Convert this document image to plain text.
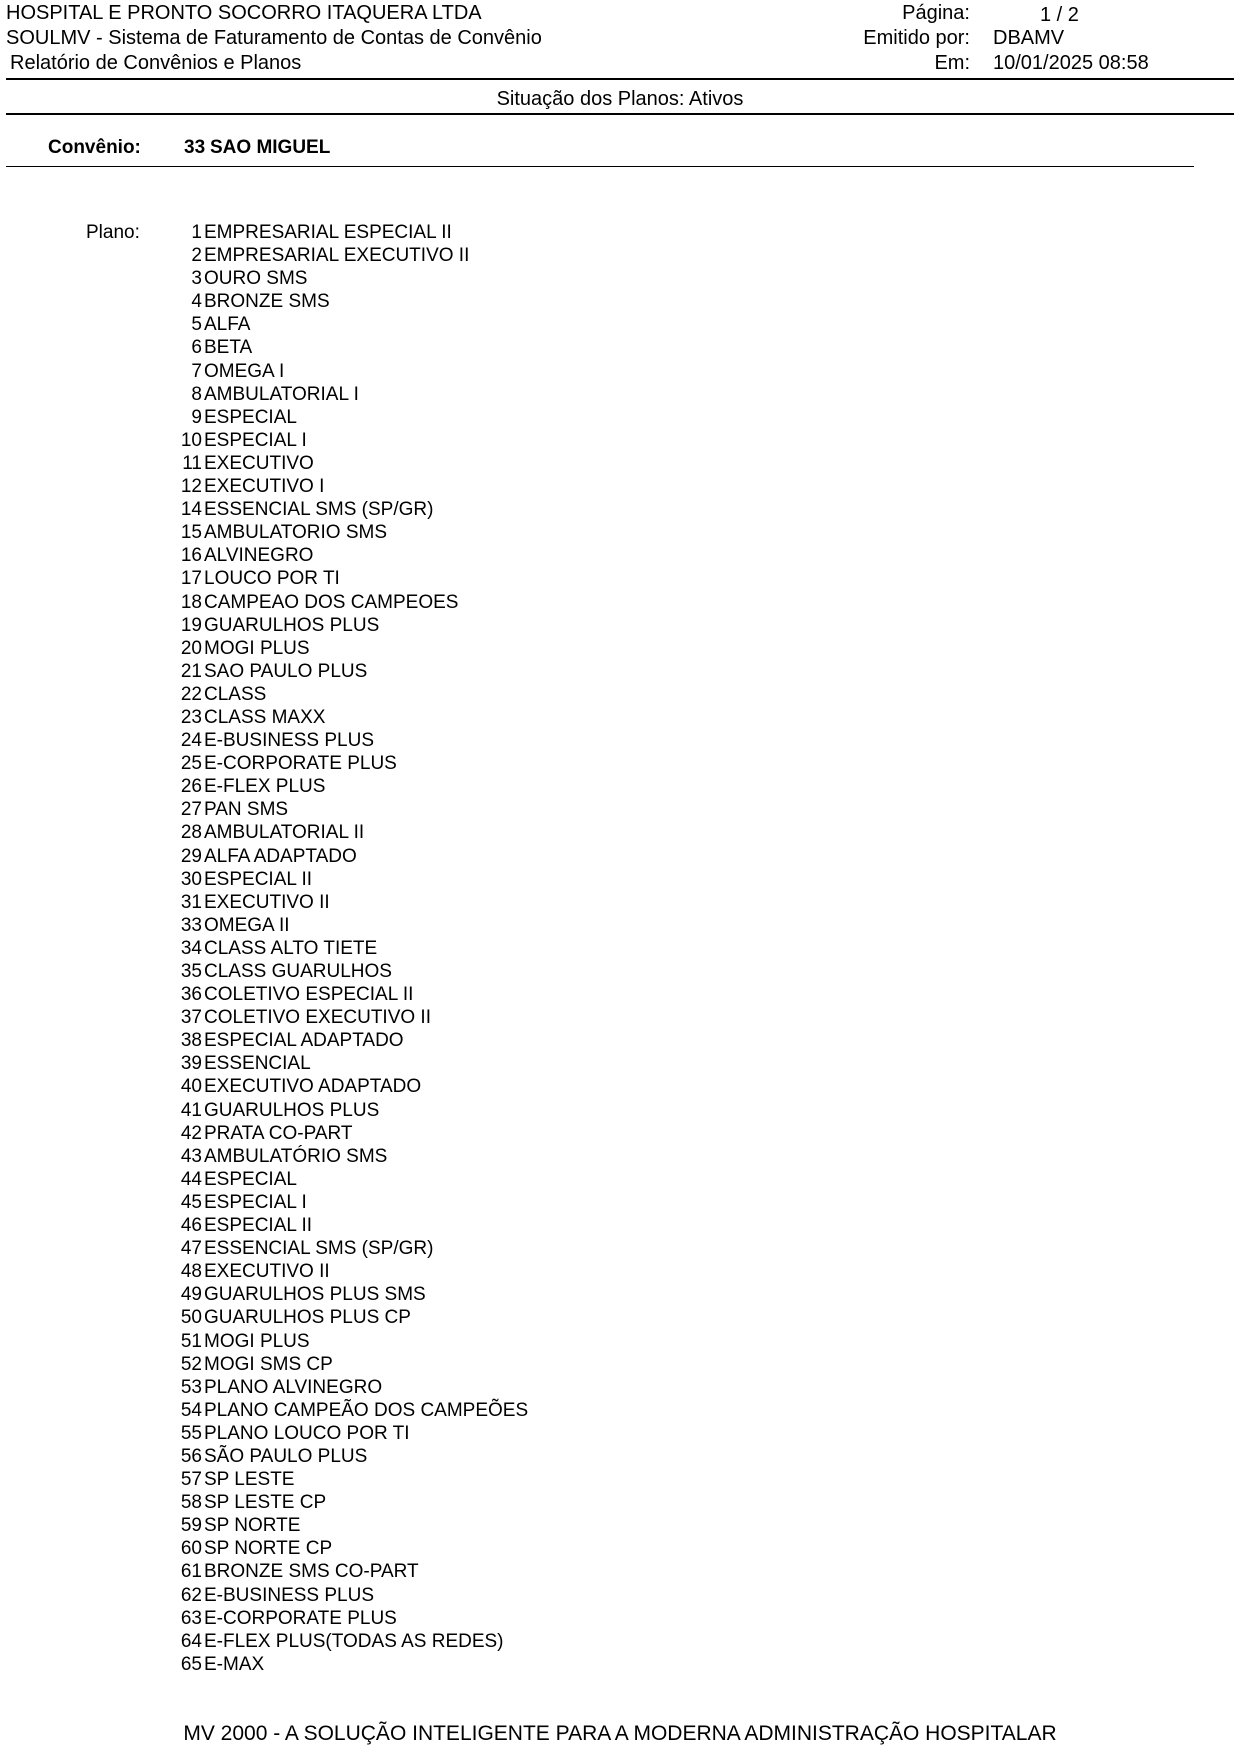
HOSPITAL E PRONTO SOCORRO ITAQUERA LTDA
SOULMV - Sistema de Faturamento de Contas de Convênio
Relatório de Convênios e Planos
Página:	1 / 2
Emitido por: DBAMV
Em: 10/01/2025 08:58
Situação dos Planos: Ativos
Convênio: 33 SAO MIGUEL
Plano:	1 EMPRESARIAL ESPECIAL II
2 EMPRESARIAL EXECUTIVO II
3 OURO SMS
4 BRONZE SMS
5 ALFA
6 BETA
7 OMEGA I
8 AMBULATORIAL I
9 ESPECIAL
10 ESPECIAL I
11 EXECUTIVO
12 EXECUTIVO I
14 ESSENCIAL SMS (SP/GR)
15 AMBULATORIO SMS
16 ALVINEGRO
17 LOUCO POR TI
18 CAMPEAO DOS CAMPEOES
19 GUARULHOS PLUS
20 MOGI PLUS
21 SAO PAULO PLUS
22 CLASS
23 CLASS MAXX
24 E-BUSINESS PLUS
25 E-CORPORATE PLUS
26 E-FLEX PLUS
27 PAN SMS
28 AMBULATORIAL II
29 ALFA ADAPTADO
30 ESPECIAL II
31 EXECUTIVO II
33 OMEGA II
34 CLASS ALTO TIETE
35 CLASS GUARULHOS
36 COLETIVO ESPECIAL II
37 COLETIVO EXECUTIVO II
38 ESPECIAL ADAPTADO
39 ESSENCIAL
40 EXECUTIVO ADAPTADO
41 GUARULHOS PLUS
42 PRATA CO-PART
43 AMBULATÓRIO SMS
44 ESPECIAL
45 ESPECIAL I
46 ESPECIAL II
47 ESSENCIAL SMS (SP/GR)
48 EXECUTIVO II
49 GUARULHOS PLUS SMS
50 GUARULHOS PLUS CP
51 MOGI PLUS
52 MOGI SMS CP
53 PLANO ALVINEGRO
54 PLANO CAMPEÃO DOS CAMPEÕES
55 PLANO LOUCO POR TI
56 SÃO PAULO PLUS
57 SP LESTE
58 SP LESTE CP
59 SP NORTE
60 SP NORTE CP
61 BRONZE SMS CO-PART
62 E-BUSINESS PLUS
63 E-CORPORATE PLUS
64 E-FLEX PLUS(TODAS AS REDES)
65 E-MAX
MV 2000 - A SOLUÇÃO INTELIGENTE PARA A MODERNA ADMINISTRAÇÃO HOSPITALAR
